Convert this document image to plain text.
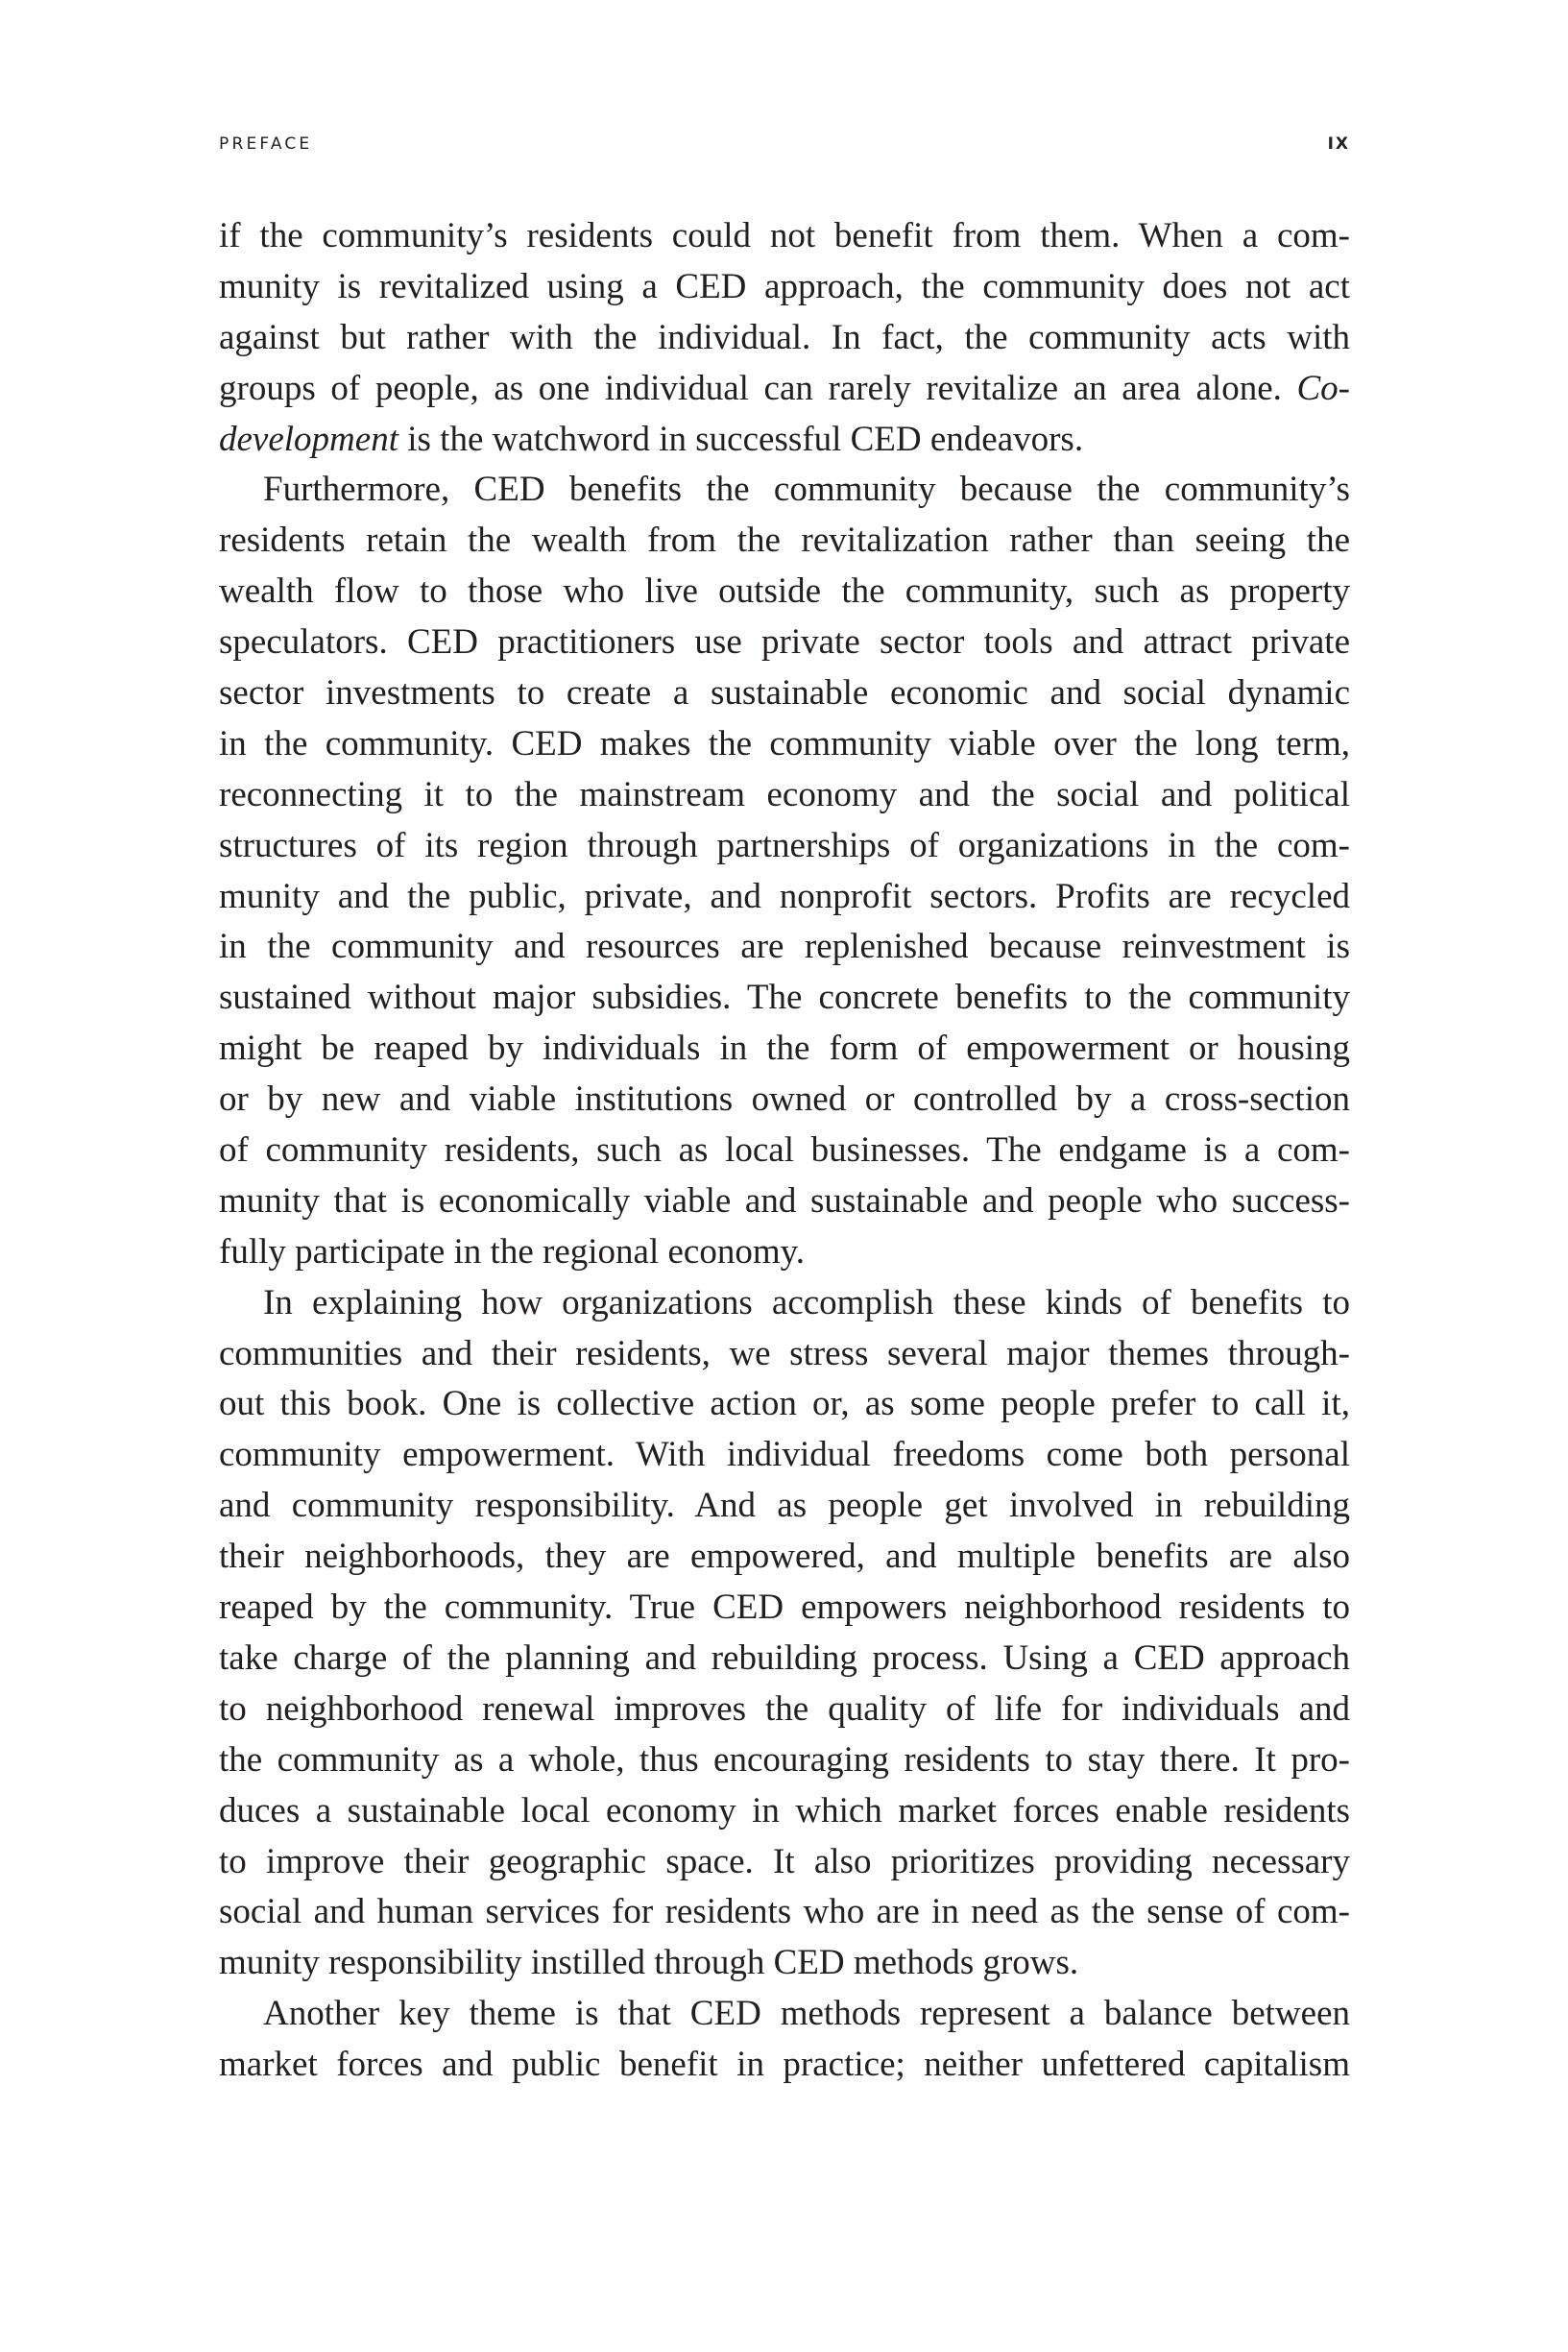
PREFACE	IX
if the community’s residents could not benefit from them. When a com-
munity is revitalized using a CED approach, the community does not act
against but rather with the individual. In fact, the community acts with
groups of people, as one individual can rarely revitalize an area alone. Co-
development is the watchword in successful CED endeavors.
Furthermore, CED benefits the community because the community’s
residents retain the wealth from the revitalization rather than seeing the
wealth flow to those who live outside the community, such as property
speculators. CED practitioners use private sector tools and attract private
sector investments to create a sustainable economic and social dynamic
in the community. CED makes the community viable over the long term,
reconnecting it to the mainstream economy and the social and political
structures of its region through partnerships of organizations in the com-
munity and the public, private, and nonprofit sectors. Profits are recycled
in the community and resources are replenished because reinvestment is
sustained without major subsidies. The concrete benefits to the community
might be reaped by individuals in the form of empowerment or housing
or by new and viable institutions owned or controlled by a cross-section
of community residents, such as local businesses. The endgame is a com-
munity that is economically viable and sustainable and people who success-
fully participate in the regional economy.
In explaining how organizations accomplish these kinds of benefits to
communities and their residents, we stress several major themes through-
out this book. One is collective action or, as some people prefer to call it,
community empowerment. With individual freedoms come both personal
and community responsibility. And as people get involved in rebuilding
their neighborhoods, they are empowered, and multiple benefits are also
reaped by the community. True CED empowers neighborhood residents to
take charge of the planning and rebuilding process. Using a CED approach
to neighborhood renewal improves the quality of life for individuals and
the community as a whole, thus encouraging residents to stay there. It pro-
duces a sustainable local economy in which market forces enable residents
to improve their geographic space. It also prioritizes providing necessary
social and human services for residents who are in need as the sense of com-
munity responsibility instilled through CED methods grows.
Another key theme is that CED methods represent a balance between
market forces and public benefit in practice; neither unfettered capitalism
